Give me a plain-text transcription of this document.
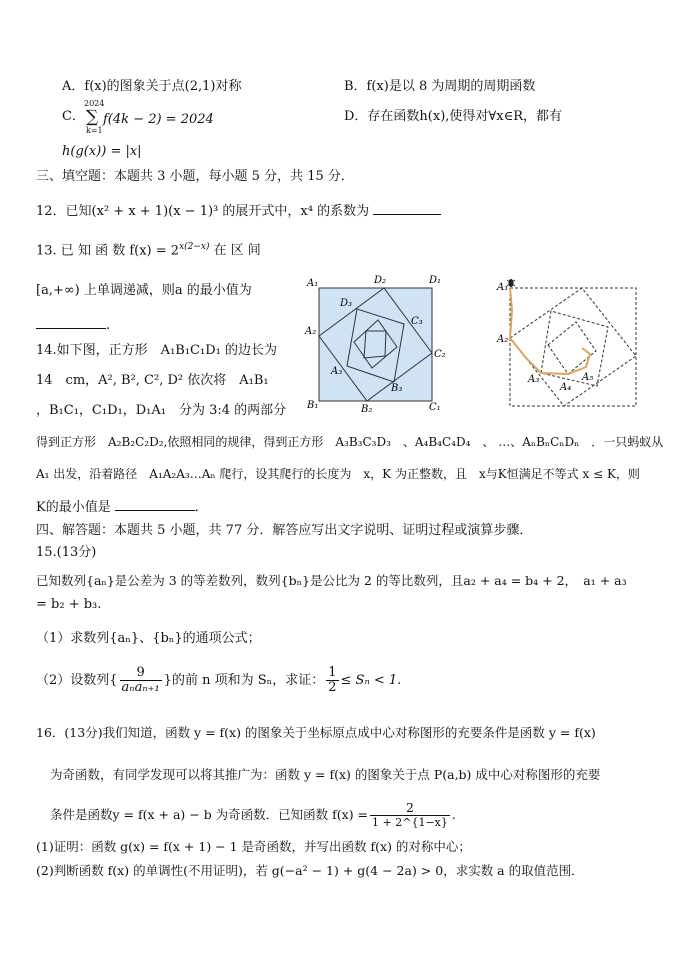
A．f(x)的图象关于点(2,1)对称	B．f(x)是以 8 为周期的周期函数
C．
2024
∑
k=1
f(4k − 2) = 2024	D．存在函数h(x),使得对∀x∈R，都有
h(g(x)) = |x|
三、填空题：本题共 3 小题，每小题 5 分，共 15 分．
12．已知(x² + x + 1)(x − 1)³ 的展开式中，x⁴ 的系数为
13. 已 知 函 数 $f(x) = 2^{x(2-x)}$ 在 区 间
[a,+∞) 上单调递减，则a 的最小值为
.
14.如下图，正方形　A₁B₁C₁D₁ 的边长为
14　cm，A², B², C², D² 依次将　A₁B₁
，B₁C₁，C₁D₁，D₁A₁　分为 3:4 的两部分
得到正方形　A₂B₂C₂D₂,依照相同的规律，得到正方形　A₃B₃C₃D₃　、A₄B₄C₄D₄　、 …、AₙBₙCₙDₙ　．一只蚂蚁从
A₁ 出发，沿着路径　A₁A₂A₃…Aₙ 爬行，设其爬行的长度为　x，K 为正整数，且　x与K恒满足不等式 x ≤ K，则
K的最小值是	．
A₁	D₂	D₁
D₃
C₃
A₂
C₂
A₃
B₃
B₁	B₂	C₁
A₁
A₂
A₃
A₄
A₅
四、解答题：本题共 5 小题，共 77 分．解答应写出文字说明、证明过程或演算步骤．
15.(13分)
已知数列{aₙ}是公差为 3 的等差数列，数列{bₙ}是公比为 2 的等比数列，且a₂ + a₄ = b₄ + 2，　a₁ + a₃
= b₂ + b₃.
（1）求数列{aₙ}、{bₙ}的通项公式；
（2）设数列{ $\frac{9}{\text{aₙaₙ₊₁}}$ }的前 n 项和为 Sₙ，求证： $\frac{1}{2} \le S_n < 1$.
16．(13分)我们知道，函数 y = f(x) 的图象关于坐标原点成中心对称图形的充要条件是函数 y = f(x)
为奇函数，有同学发现可以将其推广为：函数 y = f(x) 的图象关于点 P(a,b) 成中心对称图形的充要
条件是函数y = f(x + a) − b 为奇函数．已知函数 $f(x) = \frac{2}{1 + 2\^{}\{1-x\}}$ .
(1)证明：函数 g(x) = f(x + 1) − 1 是奇函数，并写出函数 f(x) 的对称中心；
(2)判断函数 f(x) 的单调性(不用证明)，若 g(−a² − 1) + g(4 − 2a) > 0，求实数 a 的取值范围．
